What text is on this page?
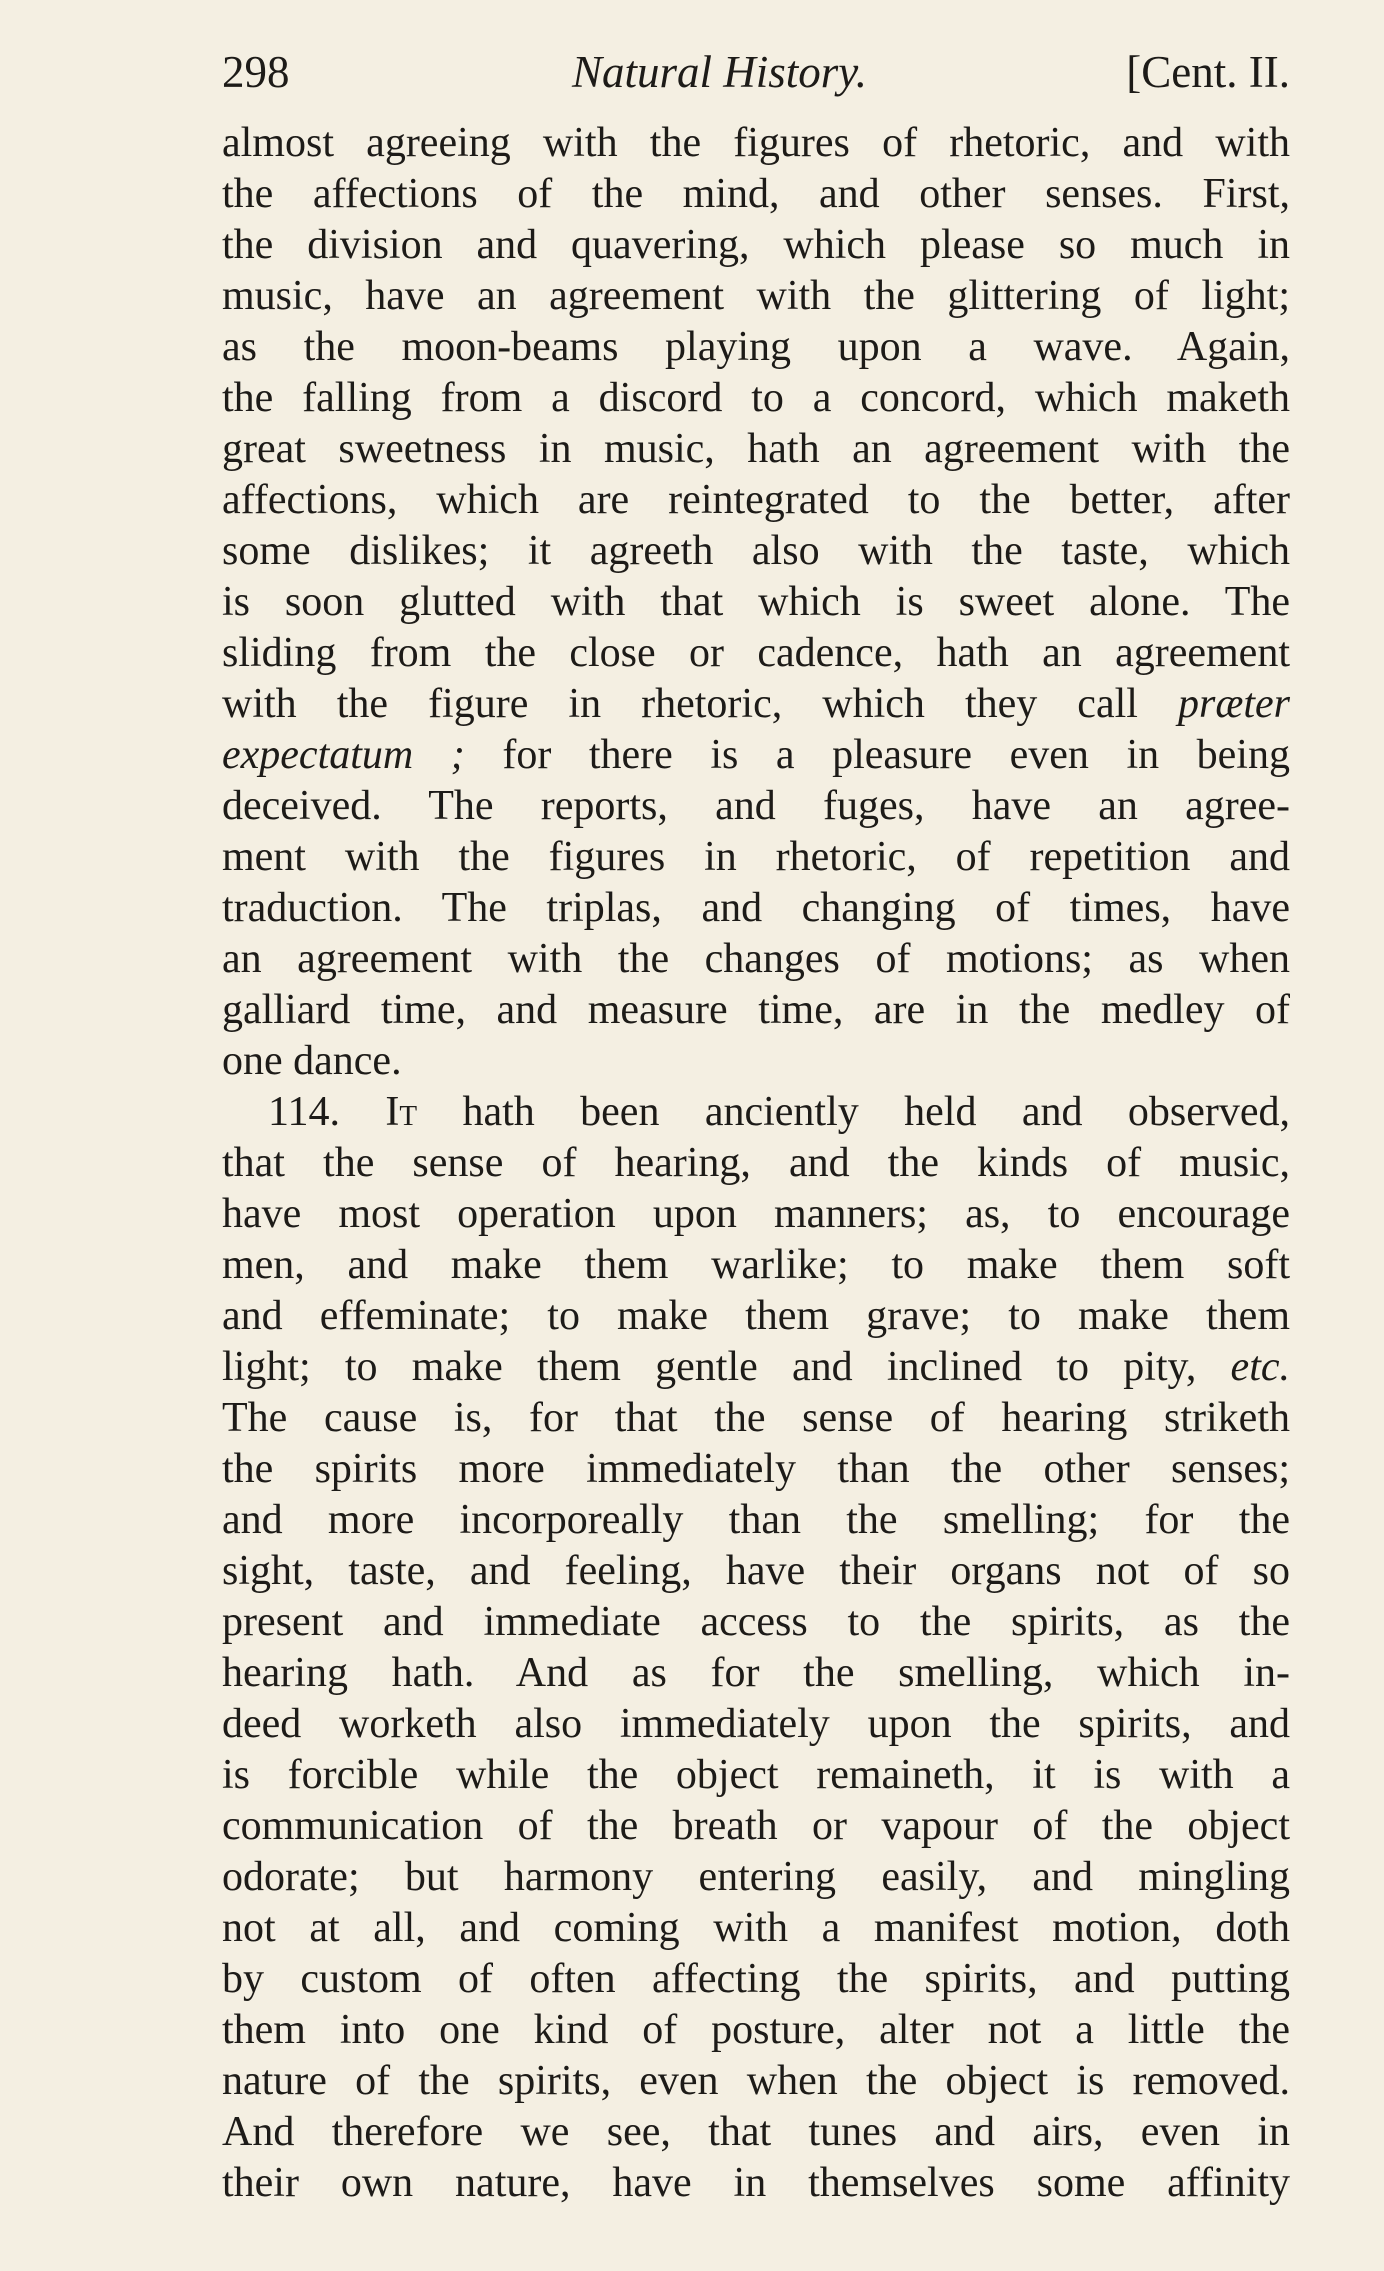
298	Natural History.	[Cent. II.
almost agreeing with the figures of rhetoric, and with
the affections of the mind, and other senses. First,
the division and quavering, which please so much in
music, have an agreement with the glittering of light;
as the moon-beams playing upon a wave. Again,
the falling from a discord to a concord, which maketh
great sweetness in music, hath an agreement with the
affections, which are reintegrated to the better, after
some dislikes; it agreeth also with the taste, which
is soon glutted with that which is sweet alone. The
sliding from the close or cadence, hath an agreement
with the figure in rhetoric, which they call præter
expectatum ; for there is a pleasure even in being
deceived. The reports, and fuges, have an agree-
ment with the figures in rhetoric, of repetition and
traduction. The triplas, and changing of times, have
an agreement with the changes of motions; as when
galliard time, and measure time, are in the medley of
one dance.
114. It hath been anciently held and observed,
that the sense of hearing, and the kinds of music,
have most operation upon manners; as, to encourage
men, and make them warlike; to make them soft
and effeminate; to make them grave; to make them
light; to make them gentle and inclined to pity, etc.
The cause is, for that the sense of hearing striketh
the spirits more immediately than the other senses;
and more incorporeally than the smelling; for the
sight, taste, and feeling, have their organs not of so
present and immediate access to the spirits, as the
hearing hath. And as for the smelling, which in-
deed worketh also immediately upon the spirits, and
is forcible while the object remaineth, it is with a
communication of the breath or vapour of the object
odorate; but harmony entering easily, and mingling
not at all, and coming with a manifest motion, doth
by custom of often affecting the spirits, and putting
them into one kind of posture, alter not a little the
nature of the spirits, even when the object is removed.
And therefore we see, that tunes and airs, even in
their own nature, have in themselves some affinity
